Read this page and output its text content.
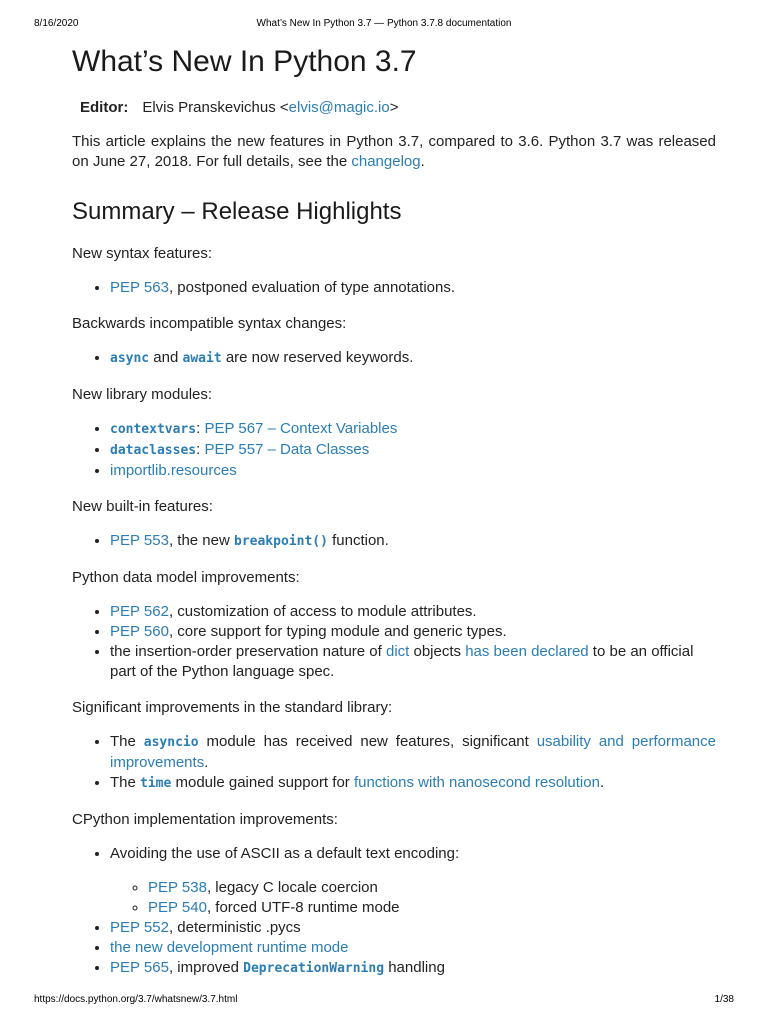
8/16/2020	What’s New In Python 3.7 — Python 3.7.8 documentation
What’s New In Python 3.7
Editor: Elvis Pranskevichus <elvis@magic.io>

This article explains the new features in Python 3.7, compared to 3.6. Python 3.7 was released on June 27, 2018. For full details, see the changelog.

Summary – Release Highlights

New syntax features:

• PEP 563, postponed evaluation of type annotations.

Backwards incompatible syntax changes:

• async and await are now reserved keywords.

New library modules:

• contextvars: PEP 567 – Context Variables
• dataclasses: PEP 557 – Data Classes
• importlib.resources

New built-in features:

• PEP 553, the new breakpoint() function.

Python data model improvements:

• PEP 562, customization of access to module attributes.
• PEP 560, core support for typing module and generic types.
• the insertion-order preservation nature of dict objects has been declared to be an official part of the Python language spec.

Significant improvements in the standard library:

• The asyncio module has received new features, significant usability and performance improvements.
• The time module gained support for functions with nanosecond resolution.

CPython implementation improvements:

• Avoiding the use of ASCII as a default text encoding:
◦ PEP 538, legacy C locale coercion
◦ PEP 540, forced UTF-8 runtime mode
• PEP 552, deterministic .pycs
• the new development runtime mode
• PEP 565, improved DeprecationWarning handling
https://docs.python.org/3.7/whatsnew/3.7.html	1/38
